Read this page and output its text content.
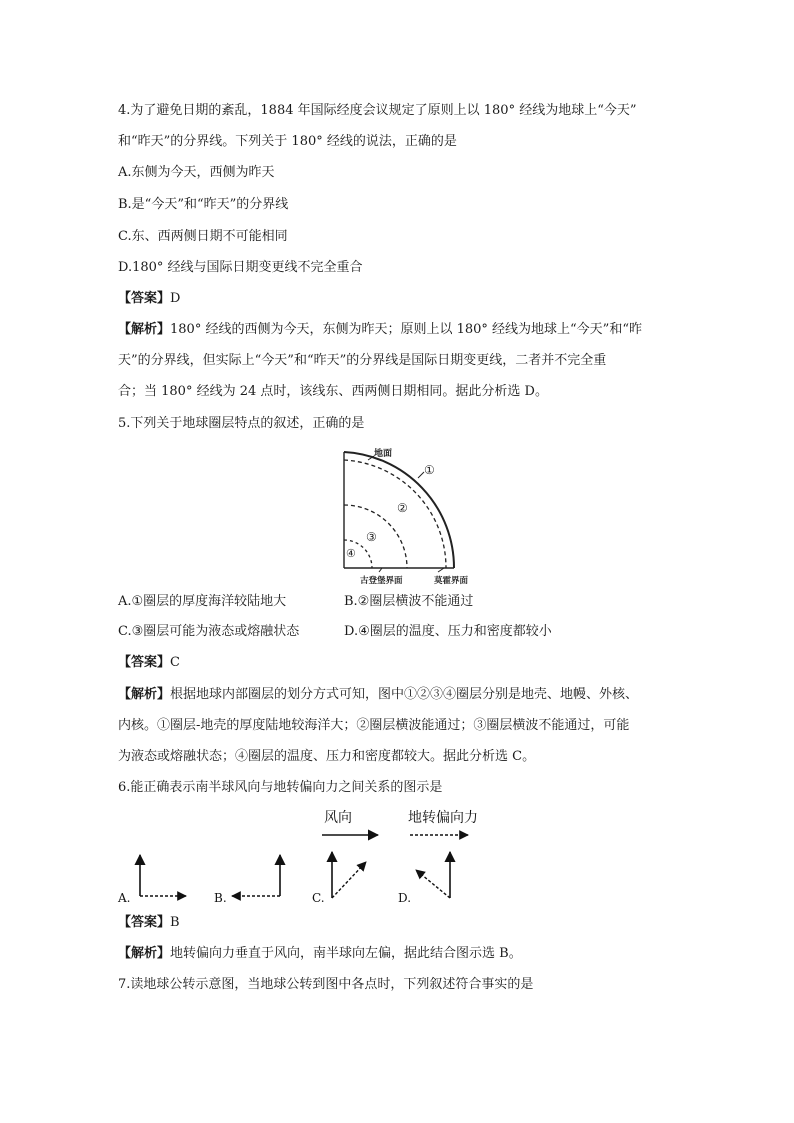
4.为了避免日期的紊乱，1884 年国际经度会议规定了原则上以 180° 经线为地球上“今天”
和“昨天”的分界线。下列关于 180° 经线的说法，正确的是
A.东侧为今天，西侧为昨天
B.是“今天”和“昨天”的分界线
C.东、西两侧日期不可能相同
D.180° 经线与国际日期变更线不完全重合
【答案】D
【解析】180° 经线的西侧为今天，东侧为昨天；原则上以 180° 经线为地球上“今天”和“昨
天”的分界线，但实际上“今天”和“昨天”的分界线是国际日期变更线，二者并不完全重
合；当 180° 经线为 24 点时，该线东、西两侧日期相同。据此分析选 D。
5.下列关于地球圈层特点的叙述，正确的是
地面
①
②
③
④
古登堡界面	莫霍界面
A.①圈层的厚度海洋较陆地大	B.②圈层横波不能通过
C.③圈层可能为液态或熔融状态	D.④圈层的温度、压力和密度都较小
【答案】C
【解析】根据地球内部圈层的划分方式可知，图中①②③④圈层分别是地壳、地幔、外核、
内核。①圈层-地壳的厚度陆地较海洋大；②圈层横波能通过；③圈层横波不能通过，可能
为液态或熔融状态；④圈层的温度、压力和密度都较大。据此分析选 C。
6.能正确表示南半球风向与地转偏向力之间关系的图示是
风向	地转偏向力
A.	B.	C.	D.
【答案】B
【解析】地转偏向力垂直于风向，南半球向左偏，据此结合图示选 B。
7.读地球公转示意图，当地球公转到图中各点时，下列叙述符合事实的是
